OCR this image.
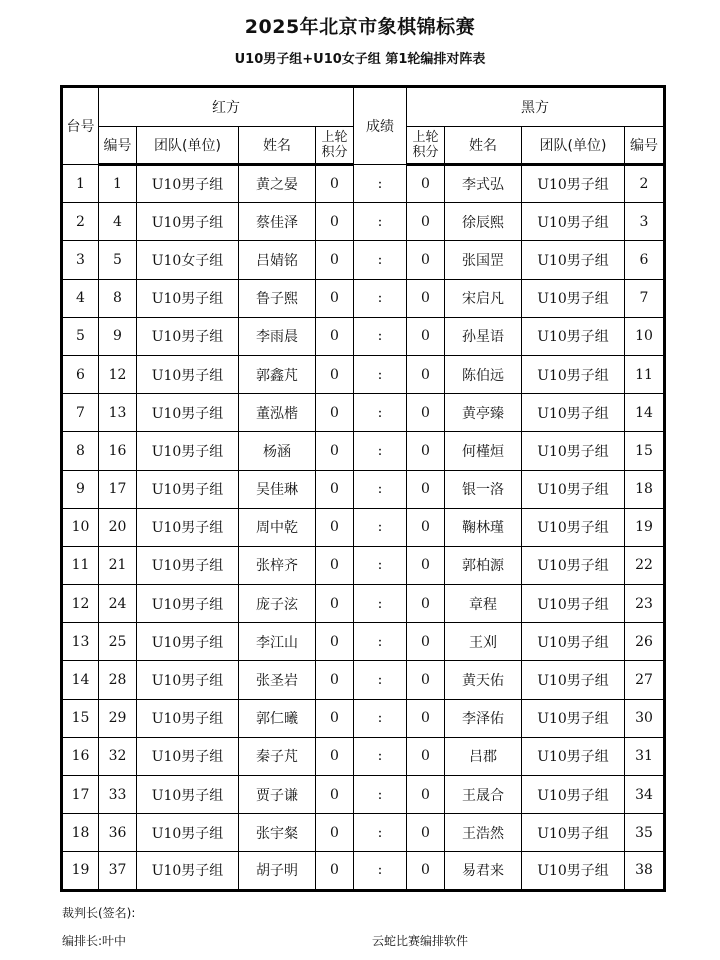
2025年北京市象棋锦标赛
U10男子组+U10女子组 第1轮编排对阵表
台号	红方				成绩	黑方			
	编号	团队(单位)	姓名	上轮积分		上轮积分	姓名	团队(单位)	编号
1	1	U10男子组	黄之晏	0	:	0	李式弘	U10男子组	2
2	4	U10男子组	蔡佳泽	0	:	0	徐辰熙	U10男子组	3
3	5	U10女子组	吕婧铭	0	:	0	张国罡	U10男子组	6
4	8	U10男子组	鲁子熙	0	:	0	宋启凡	U10男子组	7
5	9	U10男子组	李雨晨	0	:	0	孙星语	U10男子组	10
6	12	U10男子组	郭鑫芃	0	:	0	陈伯远	U10男子组	11
7	13	U10男子组	董泓楷	0	:	0	黄亭臻	U10男子组	14
8	16	U10男子组	杨涵	0	:	0	何槿烜	U10男子组	15
9	17	U10男子组	吴佳琳	0	:	0	银一洛	U10男子组	18
10	20	U10男子组	周中乾	0	:	0	鞠林瑾	U10男子组	19
11	21	U10男子组	张梓齐	0	:	0	郭柏源	U10男子组	22
12	24	U10男子组	庞子泫	0	:	0	章程	U10男子组	23
13	25	U10男子组	李江山	0	:	0	王刈	U10男子组	26
14	28	U10男子组	张圣岩	0	:	0	黄天佑	U10男子组	27
15	29	U10男子组	郭仁曦	0	:	0	李泽佑	U10男子组	30
16	32	U10男子组	秦子芃	0	:	0	吕郡	U10男子组	31
17	33	U10男子组	贾子谦	0	:	0	王晟合	U10男子组	34
18	36	U10男子组	张宇粲	0	:	0	王浩然	U10男子组	35
19	37	U10男子组	胡子明	0	:	0	易君来	U10男子组	38
裁判长(签名):
编排长:叶中	云蛇比赛编排软件
